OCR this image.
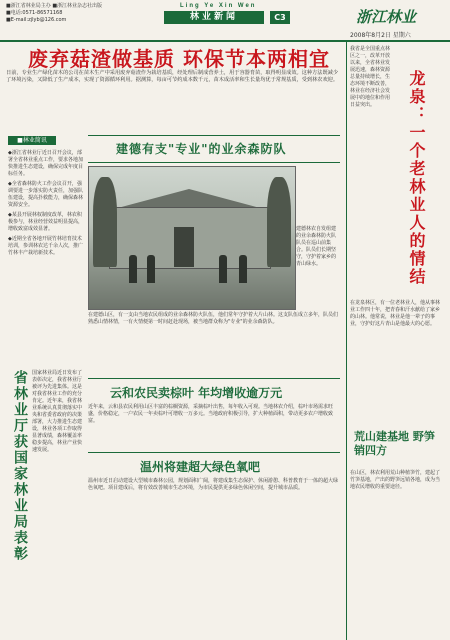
■浙江省林业局主办 ■浙江林业杂志社出版
■电话:0571-86571168
■E-mail:zjlyb@126.com
Ling Ye Xin Wen
林业新闻	C3	浙江林业
2008年8月2日 星期六
废弃菇渣做基质 环保节本两相宜
日前，专业生产绿化苗木的公司在苗木生产中采用废弃菇渣作为栽培基质，经处理后制成营养土，用于容器育苗，取得明显成效。这种方法既减少了环境污染，又降低了生产成本，实现了资源循环利用。据测算，每亩可节约成本数千元，苗木成活率和生长量均优于常规基质，受到林农欢迎。
■林业简讯

◆浙江省林业厅近日召开会议，部署全省林业重点工作，要求各地加快推进生态建设，确保完成年度目标任务。

◆全省森林防火工作会议召开，强调要进一步落实防火责任，加强队伍建设，提高扑救能力，确保森林资源安全。

◆某县开展林权制度改革，林农积极参与，林业经营效益明显提高，增收致富成效显著。

◆近期全省各地开展竹林培育技术培训，参训林农达千余人次，推广竹林丰产栽培新技术。

省林业厅获国家林业局表彰 国家林业局近日发布了表彰决定，我省林业厅被评为先进集体。这是对我省林业工作的充分肯定。近年来，我省林业系统认真贯彻落实中央和省委省政府的决策部署，大力推进生态建设，林业各项工作取得显著成绩，森林覆盖率稳步提高，林业产业快速发展。
建德有支"专业"的业余森防队
建德林农自发组建的业余森林防火队队员在巡山前集合。队员们长期坚守，守护着家乡的青山绿水。
在建德山区，有一支由当地农民组成的业余森林防火队伍，他们常年守护着大片山林。这支队伍成立多年，队员们熟悉山情林情，一有火情便第一时间赶赴现场，被当地群众称为"专业"的业余森防队。
云和农民卖棕叶 年均增收逾万元
近年来，云和县农民利用山区丰富的棕榈资源，采摘棕叶出售，每年收入可观。当地林农介绍，棕叶市场需求旺盛，价格稳定，一户农民一年卖棕叶可增收一万多元。当地政府积极引导，扩大种植面积，带动更多农户增收致富。
温州将建超大绿色氧吧
温州市近日启动建设大型城市森林公园，规划面积广阔，将建成集生态保护、休闲游憩、科普教育于一体的超大绿色氧吧。项目建成后，将有效改善城市生态环境，为市民提供更多绿色休闲空间，提升城市品质。
我省是全国重点林区之一，改革开放以来，全省林业发展迅速，森林资源总量持续增长，生态环境不断改善，林业在经济社会发展中的地位和作用日益突出。	龙泉：一个老林业人的情结
在龙泉林区，有一位老林业人，他从事林业工作四十年，把青春和汗水献给了家乡的山林。他常说，林业是他一辈子的事业，守护好这片青山是他最大的心愿。
荒山建基地 野笋销四方
在山区，林农利用荒山种植笋竹，建起了竹笋基地，产出的野笋远销各地，成为当地农民增收的重要途径。
